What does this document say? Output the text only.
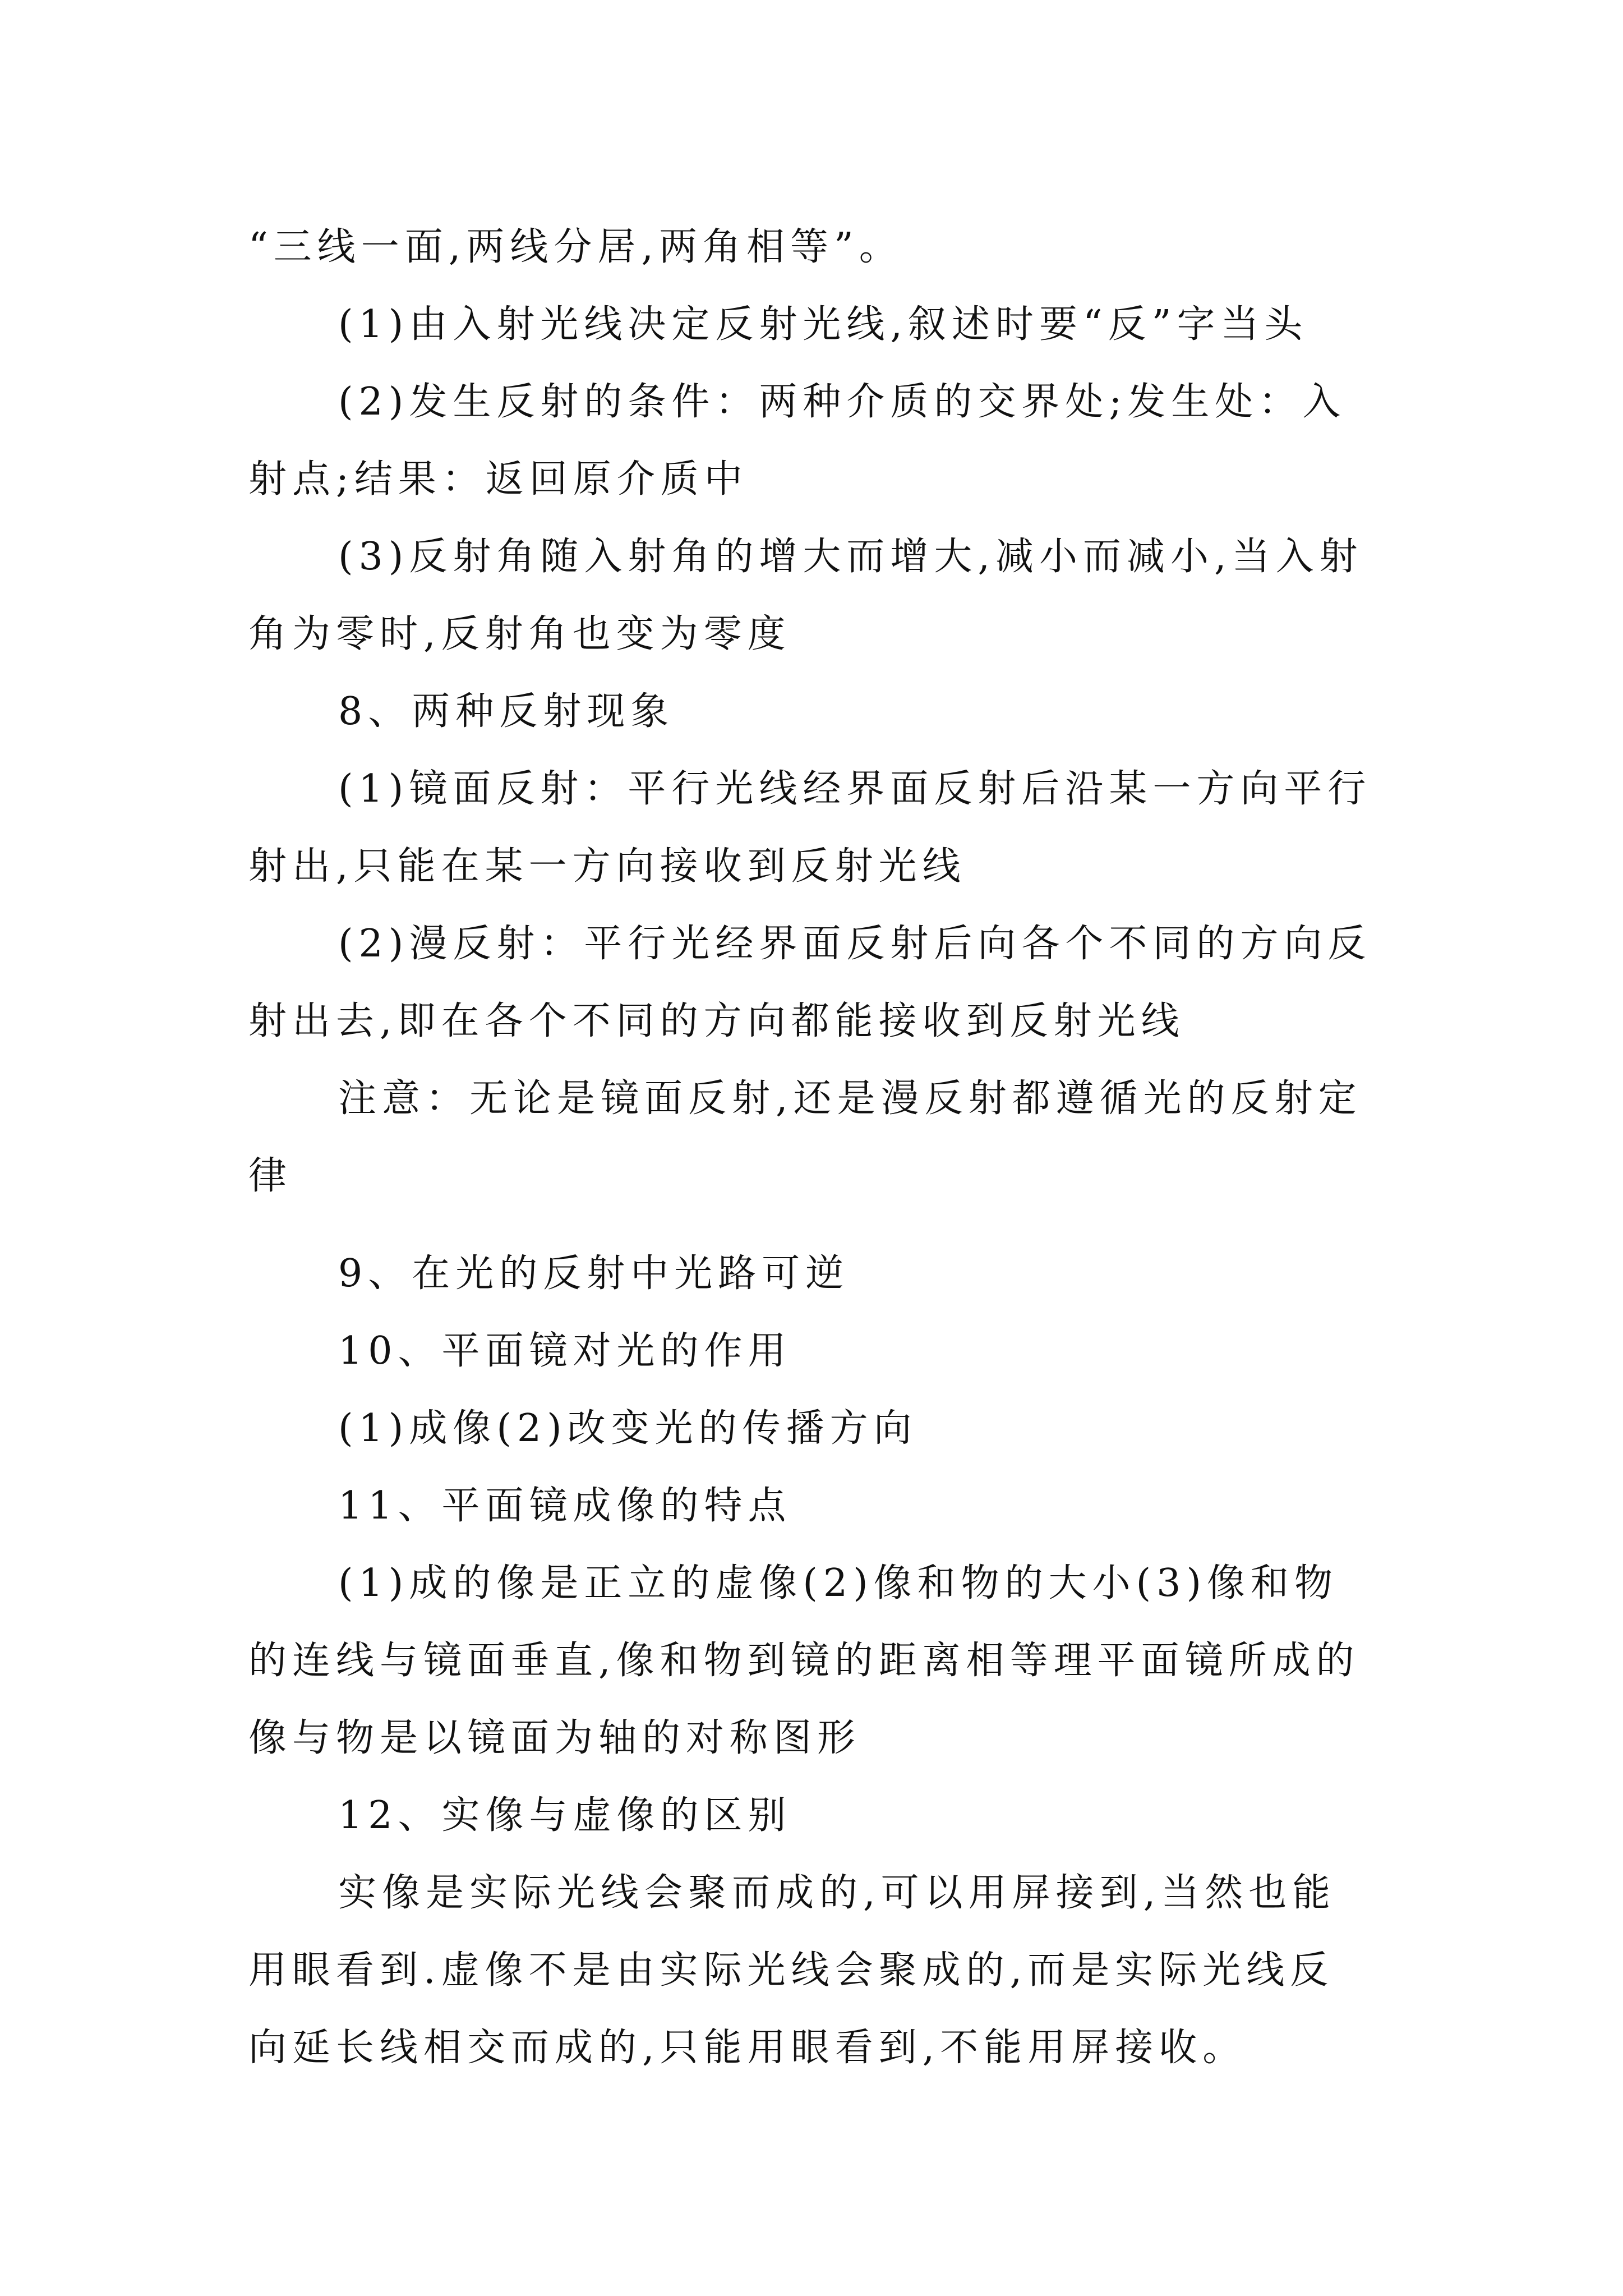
“三线一面,两线分居,两角相等”。

(1)由入射光线决定反射光线,叙述时要“反”字当头

(2)发生反射的条件：两种介质的交界处;发生处：入射点;结果：返回原介质中

(3)反射角随入射角的增大而增大,减小而减小,当入射角为零时,反射角也变为零度

8、两种反射现象

(1)镜面反射：平行光线经界面反射后沿某一方向平行射出,只能在某一方向接收到反射光线

(2)漫反射：平行光经界面反射后向各个不同的方向反射出去,即在各个不同的方向都能接收到反射光线

注意：无论是镜面反射,还是漫反射都遵循光的反射定律

9、在光的反射中光路可逆

10、平面镜对光的作用

(1)成像(2)改变光的传播方向

11、平面镜成像的特点

(1)成的像是正立的虚像(2)像和物的大小(3)像和物的连线与镜面垂直,像和物到镜的距离相等理平面镜所成的像与物是以镜面为轴的对称图形

12、实像与虚像的区别

实像是实际光线会聚而成的,可以用屏接到,当然也能用眼看到.虚像不是由实际光线会聚成的,而是实际光线反向延长线相交而成的,只能用眼看到,不能用屏接收。
